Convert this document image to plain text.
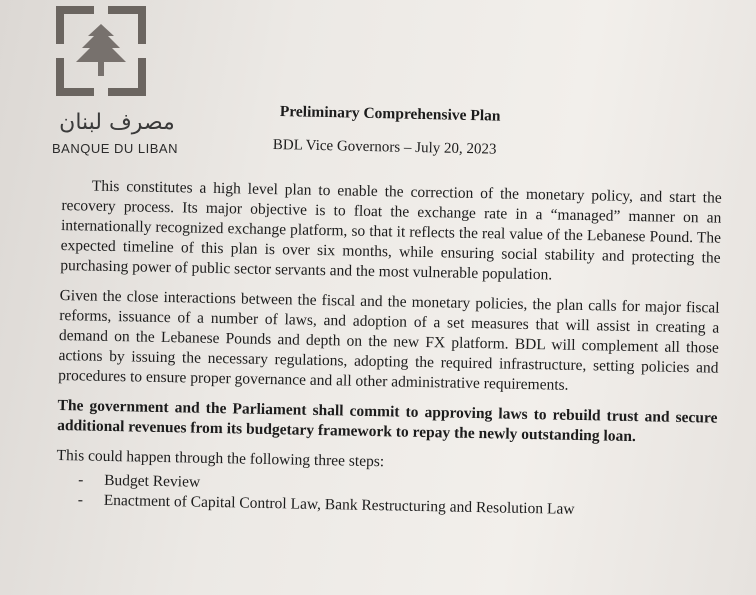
مصرف لبنان
BANQUE DU LIBAN
Preliminary Comprehensive Plan
BDL Vice Governors – July 20, 2023

This constitutes a high level plan to enable the correction of the monetary policy, and start the recovery process. Its major objective is to float the exchange rate in a “managed” manner on an internationally recognized exchange platform, so that it reflects the real value of the Lebanese Pound. The expected timeline of this plan is over six months, while ensuring social stability and protecting the purchasing power of public sector servants and the most vulnerable population.

Given the close interactions between the fiscal and the monetary policies, the plan calls for major fiscal reforms, issuance of a number of laws, and adoption of a set measures that will assist in creating a demand on the Lebanese Pounds and depth on the new FX platform. BDL will complement all those actions by issuing the necessary regulations, adopting the required infrastructure, setting policies and procedures to ensure proper governance and all other administrative requirements.

The government and the Parliament shall commit to approving laws to rebuild trust and secure additional revenues from its budgetary framework to repay the newly outstanding loan.

This could happen through the following three steps:

- Budget Review
- Enactment of Capital Control Law, Bank Restructuring and Resolution Law
